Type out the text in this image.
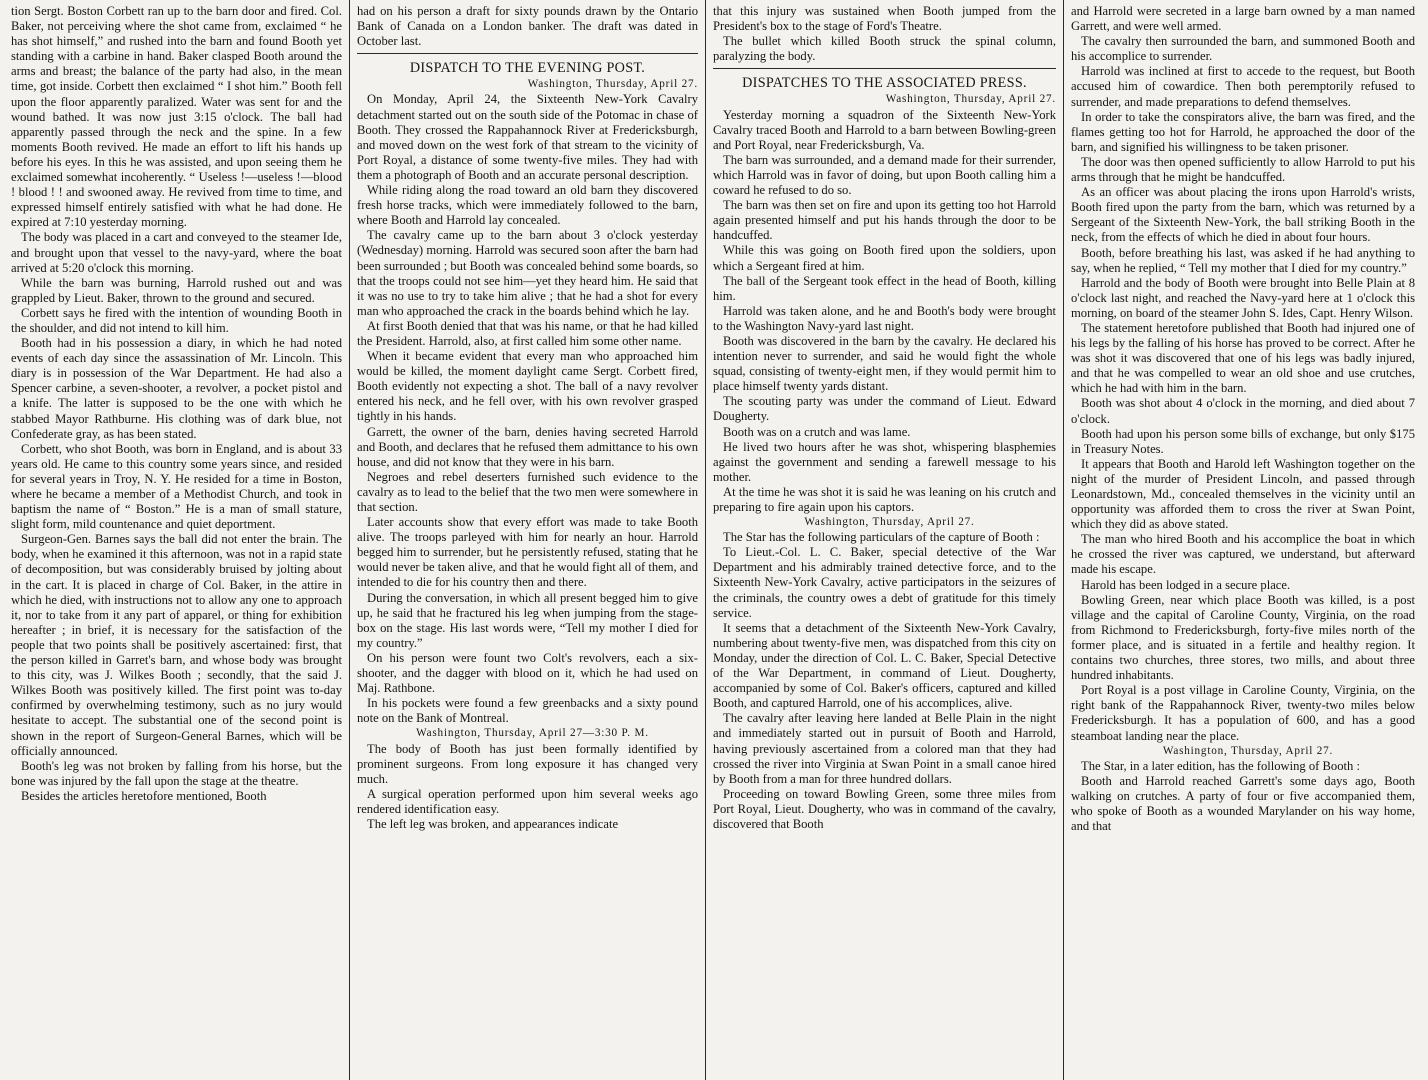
tion Sergt. Boston Corbett ran up to the barn door and fired. Col. Baker, not perceiving where the shot came from, exclaimed “ he has shot himself,” and rushed into the barn and found Booth yet standing with a carbine in hand. Baker clasped Booth around the arms and breast; the balance of the party had also, in the mean time, got inside. Corbett then exclaimed “ I shot him.” Booth fell upon the floor apparently paralized. Water was sent for and the wound bathed. It was now just 3:15 o'clock. The ball had apparently passed through the neck and the spine. In a few moments Booth revived. He made an effort to lift his hands up before his eyes. In this he was assisted, and upon seeing them he exclaimed somewhat incoherently. “ Useless !—useless !—blood ! blood ! ! and swooned away. He revived from time to time, and expressed himself entirely satisfied with what he had done. He expired at 7:10 yesterday morning.

The body was placed in a cart and conveyed to the steamer Ide, and brought upon that vessel to the navy-yard, where the boat arrived at 5:20 o'clock this morning.

While the barn was burning, Harrold rushed out and was grappled by Lieut. Baker, thrown to the ground and secured.

Corbett says he fired with the intention of wounding Booth in the shoulder, and did not intend to kill him.

Booth had in his possession a diary, in which he had noted events of each day since the assassination of Mr. Lincoln. This diary is in possession of the War Department. He had also a Spencer carbine, a seven-shooter, a revolver, a pocket pistol and a knife. The latter is supposed to be the one with which he stabbed Mayor Rathburne. His clothing was of dark blue, not Confederate gray, as has been stated.

Corbett, who shot Booth, was born in England, and is about 33 years old. He came to this country some years since, and resided for several years in Troy, N. Y. He resided for a time in Boston, where he became a member of a Methodist Church, and took in baptism the name of “ Boston.” He is a man of small stature, slight form, mild countenance and quiet deportment.

Surgeon-Gen. Barnes says the ball did not enter the brain. The body, when he examined it this afternoon, was not in a rapid state of decomposition, but was considerably bruised by jolting about in the cart. It is placed in charge of Col. Baker, in the attire in which he died, with instructions not to allow any one to approach it, nor to take from it any part of apparel, or thing for exhibition hereafter ; in brief, it is necessary for the satisfaction of the people that two points shall be positively ascertained: first, that the person killed in Garret's barn, and whose body was brought to this city, was J. Wilkes Booth ; secondly, that the said J. Wilkes Booth was positively killed. The first point was to-day confirmed by overwhelming testimony, such as no jury would hesitate to accept. The substantial one of the second point is shown in the report of Surgeon-General Barnes, which will be officially announced.

Booth's leg was not broken by falling from his horse, but the bone was injured by the fall upon the stage at the theatre.

Besides the articles heretofore mentioned, Booth

had on his person a draft for sixty pounds drawn by the Ontario Bank of Canada on a London banker. The draft was dated in October last.

DISPATCH TO THE EVENING POST.

Washington, Thursday, April 27.

On Monday, April 24, the Sixteenth New-York Cavalry detachment started out on the south side of the Potomac in chase of Booth. They crossed the Rappahannock River at Fredericksburgh, and moved down on the west fork of that stream to the vicinity of Port Royal, a distance of some twenty-five miles. They had with them a photograph of Booth and an accurate personal description.

While riding along the road toward an old barn they discovered fresh horse tracks, which were immediately followed to the barn, where Booth and Harrold lay concealed.

The cavalry came up to the barn about 3 o'clock yesterday (Wednesday) morning. Harrold was secured soon after the barn had been surrounded ; but Booth was concealed behind some boards, so that the troops could not see him—yet they heard him. He said that it was no use to try to take him alive ; that he had a shot for every man who approached the crack in the boards behind which he lay.

At first Booth denied that that was his name, or that he had killed the President. Harrold, also, at first called him some other name.

When it became evident that every man who approached him would be killed, the moment daylight came Sergt. Corbett fired, Booth evidently not expecting a shot. The ball of a navy revolver entered his neck, and he fell over, with his own revolver grasped tightly in his hands.

Garrett, the owner of the barn, denies having secreted Harrold and Booth, and declares that he refused them admittance to his own house, and did not know that they were in his barn.

Negroes and rebel deserters furnished such evidence to the cavalry as to lead to the belief that the two men were somewhere in that section.

Later accounts show that every effort was made to take Booth alive. The troops parleyed with him for nearly an hour. Harrold begged him to surrender, but he persistently refused, stating that he would never be taken alive, and that he would fight all of them, and intended to die for his country then and there.

During the conversation, in which all present begged him to give up, he said that he fractured his leg when jumping from the stage-box on the stage. His last words were, “Tell my mother I died for my country.”

On his person were fount two Colt's revolvers, each a six-shooter, and the dagger with blood on it, which he had used on Maj. Rathbone.

In his pockets were found a few greenbacks and a sixty pound note on the Bank of Montreal.

Washington, Thursday, April 27—3:30 P. M.

The body of Booth has just been formally identified by prominent surgeons. From long exposure it has changed very much.

A surgical operation performed upon him several weeks ago rendered identification easy.

The left leg was broken, and appearances indicate

that this injury was sustained when Booth jumped from the President's box to the stage of Ford's Theatre.

The bullet which killed Booth struck the spinal column, paralyzing the body.

DISPATCHES TO THE ASSOCIATED PRESS.

Washington, Thursday, April 27.

Yesterday morning a squadron of the Sixteenth New-York Cavalry traced Booth and Harrold to a barn between Bowling-green and Port Royal, near Fredericksburgh, Va.

The barn was surrounded, and a demand made for their surrender, which Harrold was in favor of doing, but upon Booth calling him a coward he refused to do so.

The barn was then set on fire and upon its getting too hot Harrold again presented himself and put his hands through the door to be handcuffed.

While this was going on Booth fired upon the soldiers, upon which a Sergeant fired at him.

The ball of the Sergeant took effect in the head of Booth, killing him.

Harrold was taken alone, and he and Booth's body were brought to the Washington Navy-yard last night.

Booth was discovered in the barn by the cavalry. He declared his intention never to surrender, and said he would fight the whole squad, consisting of twenty-eight men, if they would permit him to place himself twenty yards distant.

The scouting party was under the command of Lieut. Edward Dougherty.

Booth was on a crutch and was lame.

He lived two hours after he was shot, whispering blasphemies against the government and sending a farewell message to his mother.

At the time he was shot it is said he was leaning on his crutch and preparing to fire again upon his captors.

Washington, Thursday, April 27.

The Star has the following particulars of the capture of Booth :

To Lieut.-Col. L. C. Baker, special detective of the War Department and his admirably trained detective force, and to the Sixteenth New-York Cavalry, active participators in the seizures of the criminals, the country owes a debt of gratitude for this timely service.

It seems that a detachment of the Sixteenth New-York Cavalry, numbering about twenty-five men, was dispatched from this city on Monday, under the direction of Col. L. C. Baker, Special Detective of the War Department, in command of Lieut. Dougherty, accompanied by some of Col. Baker's officers, captured and killed Booth, and captured Harrold, one of his accomplices, alive.

The cavalry after leaving here landed at Belle Plain in the night and immediately started out in pursuit of Booth and Harrold, having previously ascertained from a colored man that they had crossed the river into Virginia at Swan Point in a small canoe hired by Booth from a man for three hundred dollars.

Proceeding on toward Bowling Green, some three miles from Port Royal, Lieut. Dougherty, who was in command of the cavalry, discovered that Booth

and Harrold were secreted in a large barn owned by a man named Garrett, and were well armed.

The cavalry then surrounded the barn, and summoned Booth and his accomplice to surrender.

Harrold was inclined at first to accede to the request, but Booth accused him of cowardice. Then both peremptorily refused to surrender, and made preparations to defend themselves.

In order to take the conspirators alive, the barn was fired, and the flames getting too hot for Harrold, he approached the door of the barn, and signified his willingness to be taken prisoner.

The door was then opened sufficiently to allow Harrold to put his arms through that he might be handcuffed.

As an officer was about placing the irons upon Harrold's wrists, Booth fired upon the party from the barn, which was returned by a Sergeant of the Sixteenth New-York, the ball striking Booth in the neck, from the effects of which he died in about four hours.

Booth, before breathing his last, was asked if he had anything to say, when he replied, “ Tell my mother that I died for my country.”

Harrold and the body of Booth were brought into Belle Plain at 8 o'clock last night, and reached the Navy-yard here at 1 o'clock this morning, on board of the steamer John S. Ides, Capt. Henry Wilson.

The statement heretofore published that Booth had injured one of his legs by the falling of his horse has proved to be correct. After he was shot it was discovered that one of his legs was badly injured, and that he was compelled to wear an old shoe and use crutches, which he had with him in the barn.

Booth was shot about 4 o'clock in the morning, and died about 7 o'clock.

Booth had upon his person some bills of exchange, but only $175 in Treasury Notes.

It appears that Booth and Harold left Washington together on the night of the murder of President Lincoln, and passed through Leonardstown, Md., concealed themselves in the vicinity until an opportunity was afforded them to cross the river at Swan Point, which they did as above stated.

The man who hired Booth and his accomplice the boat in which he crossed the river was captured, we understand, but afterward made his escape.

Harold has been lodged in a secure place.

Bowling Green, near which place Booth was killed, is a post village and the capital of Caroline County, Virginia, on the road from Richmond to Fredericksburgh, forty-five miles north of the former place, and is situated in a fertile and healthy region. It contains two churches, three stores, two mills, and about three hundred inhabitants.

Port Royal is a post village in Caroline County, Virginia, on the right bank of the Rappahannock River, twenty-two miles below Fredericksburgh. It has a population of 600, and has a good steamboat landing near the place.

Washington, Thursday, April 27.

The Star, in a later edition, has the following of Booth :

Booth and Harrold reached Garrett's some days ago, Booth walking on crutches. A party of four or five accompanied them, who spoke of Booth as a wounded Marylander on his way home, and that
